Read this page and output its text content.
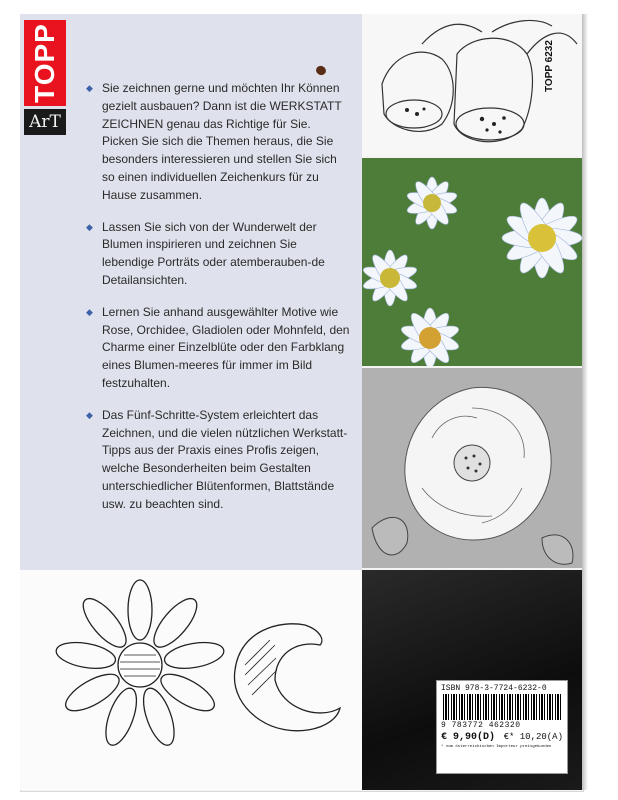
TOPP
ArT
◆ Sie zeichnen gerne und möchten Ihr Können gezielt ausbauen? Dann ist die WERKSTATT ZEICHNEN genau das Richtige für Sie. Picken Sie sich die Themen heraus, die Sie besonders interessieren und stellen Sie sich so einen individuellen Zeichenkurs für zu Hause zusammen.
◆ Lassen Sie sich von der Wunderwelt der Blumen inspirieren und zeichnen Sie lebendige Porträts oder atemberauben-de Detailansichten.
◆ Lernen Sie anhand ausgewählter Motive wie Rose, Orchidee, Gladiolen oder Mohnfeld, den Charme einer Einzelblüte oder den Farbklang eines Blumen-meeres für immer im Bild festzuhalten.
◆ Das Fünf-Schritte-System erleichtert das Zeichnen, und die vielen nützlichen Werkstatt-Tipps aus der Praxis eines Profis zeigen, welche Besonderheiten beim Gestalten unterschiedlicher Blütenformen, Blattstände usw. zu beachten sind.
TOPP 6232
ISBN 978-3-7724-6232-0
9 783772 462320
€ 9,90(D) €* 10,20(A)
* vom österreichischen Importeur preisgebunden
